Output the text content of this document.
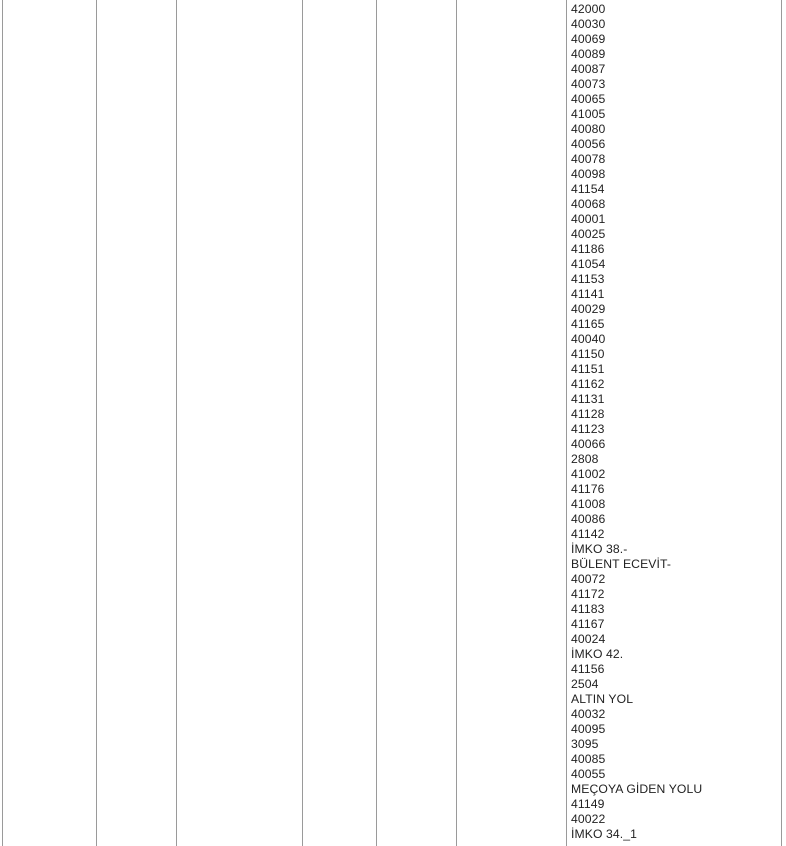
42000
40030
40069
40089
40087
40073
40065
41005
40080
40056
40078
40098
41154
40068
40001
40025
41186
41054
41153
41141
40029
41165
40040
41150
41151
41162
41131
41128
41123
40066
2808
41002
41176
41008
40086
41142
İMKO 38.-
BÜLENT ECEVİT-
40072
41172
41183
41167
40024
İMKO 42.
41156
2504
ALTIN YOL
40032
40095
3095
40085
40055
MEÇOYA GİDEN YOLU
41149
40022
İMKO 34._1
